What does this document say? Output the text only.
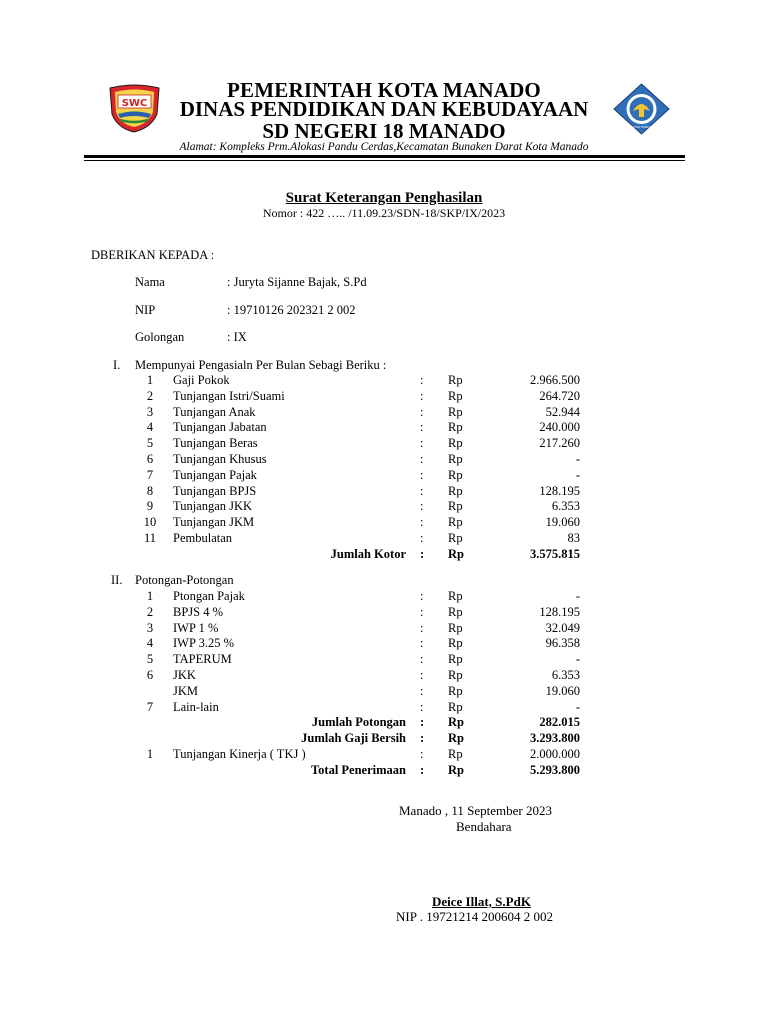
SWC
TUT WURI HANDAYANI
PEMERINTAH KOTA MANADO
DINAS PENDIDIKAN DAN KEBUDAYAAN
SD NEGERI 18 MANADO
Alamat: Kompleks Prm.Alokasi Pandu Cerdas,Kecamatan Bunaken Darat Kota Manado
Surat Keterangan Penghasilan
Nomor : 422 ….. /11.09.23/SDN-18/SKP/IX/2023
DBERIKAN KEPADA :
Nama	: Juryta Sijanne Bajak, S.Pd
NIP	: 19710126 202321 2 002
Golongan	: IX
I. Mempunyai Pengasialn Per Bulan Sebagi Beriku :
1	Gaji Pokok	: Rp	2.966.500
2	Tunjangan Istri/Suami	: Rp	264.720
3	Tunjangan Anak	: Rp	52.944
4	Tunjangan Jabatan	: Rp	240.000
5	Tunjangan Beras	: Rp	217.260
6	Tunjangan Khusus	: Rp	-
7	Tunjangan Pajak	: Rp	-
8	Tunjangan BPJS	: Rp	128.195
9	Tunjangan JKK	: Rp	6.353
10	Tunjangan JKM	: Rp	19.060
11	Pembulatan	: Rp	83
Jumlah Kotor : Rp	3.575.815
II. Potongan-Potongan
1	Ptongan Pajak	: Rp	-
2	BPJS 4 %	: Rp	128.195
3	IWP 1 %	: Rp	32.049
4	IWP 3.25 %	: Rp	96.358
5	TAPERUM	: Rp	-
6	JKK	: Rp	6.353
JKM	: Rp	19.060
7	Lain-lain	: Rp	-
Jumlah Potongan : Rp	282.015
Jumlah Gaji Bersih : Rp	3.293.800
1	Tunjangan Kinerja ( TKJ )	: Rp	2.000.000
Total Penerimaan : Rp	5.293.800
Manado , 11 September 2023
Bendahara
Deice Illat, S.PdK
NIP . 19721214 200604 2 002
